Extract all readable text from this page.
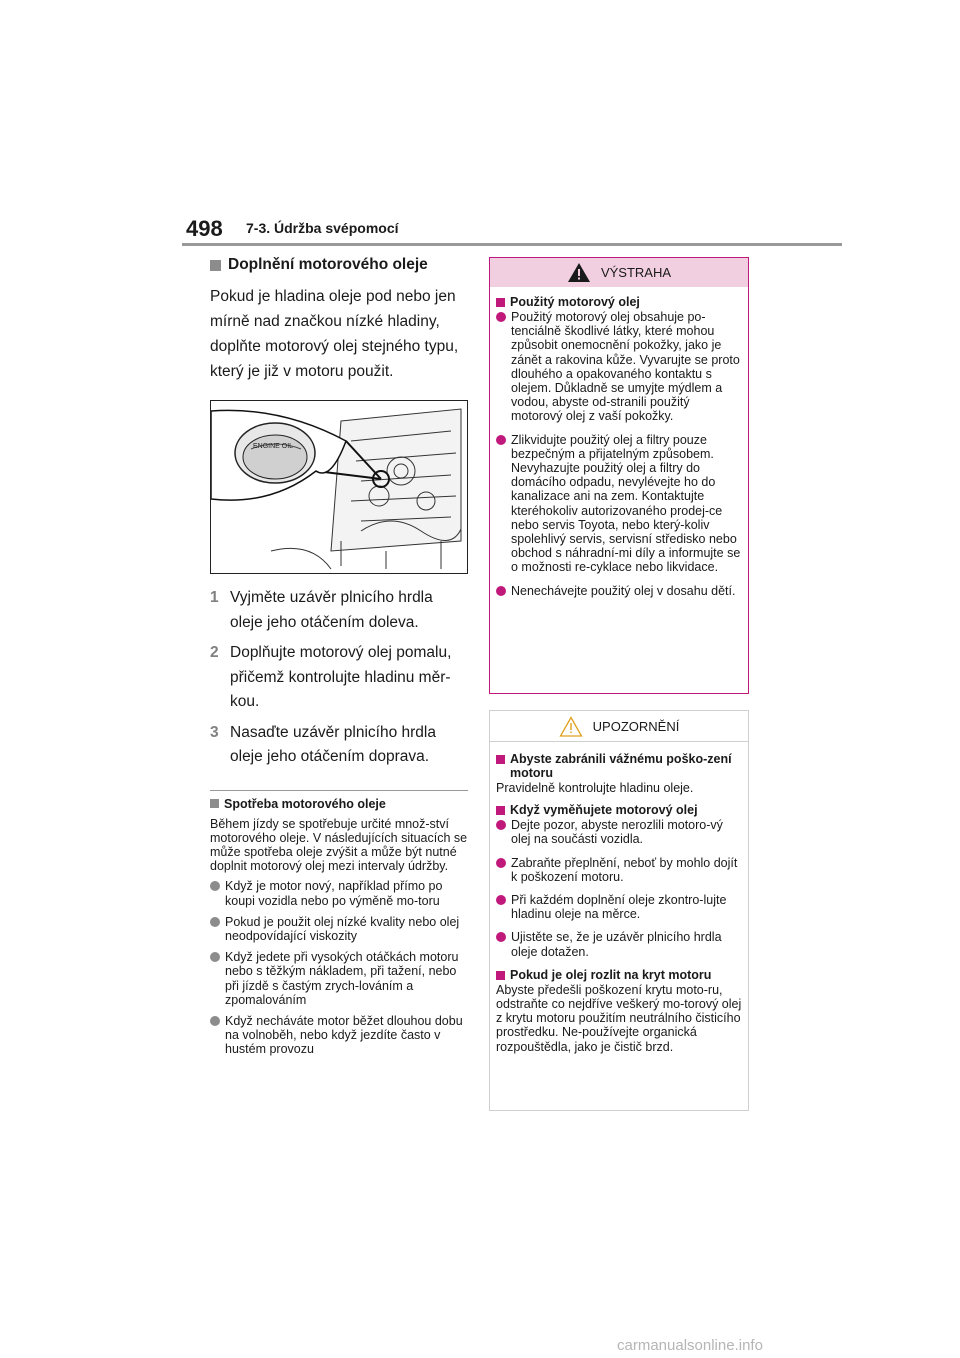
498 7-3. Údržba svépomocí
Doplnění motorového oleje

Pokud je hladina oleje pod nebo jen mírně nad značkou nízké hladiny, doplňte motorový olej stejného typu, který je již v motoru použit.

ENGINE OIL
1 Vyjměte uzávěr plnicího hrdla oleje jeho otáčením doleva.
2 Doplňujte motorový olej pomalu, přičemž kontrolujte hladinu měr-kou.
3 Nasaďte uzávěr plnicího hrdla oleje jeho otáčením doprava.
Spotřeba motorového oleje

Během jízdy se spotřebuje určité množ-ství motorového oleje. V následujících situacích se může spotřeba oleje zvýšit a může být nutné doplnit motorový olej mezi intervaly údržby.

Když je motor nový, například přímo po koupi vozidla nebo po výměně mo-toru
Pokud je použit olej nízké kvality nebo olej neodpovídající viskozity
Když jedete při vysokých otáčkách motoru nebo s těžkým nákladem, při tažení, nebo při jízdě s častým zrych-lováním a zpomalováním
Když necháváte motor běžet dlouhou dobu na volnoběh, nebo když jezdíte často v hustém provozu
VÝSTRAHA
Použitý motorový olej
Použitý motorový olej obsahuje po-tenciálně škodlivé látky, které mohou způsobit onemocnění pokožky, jako je zánět a rakovina kůže. Vyvarujte se proto dlouhého a opakovaného kontaktu s olejem. Důkladně se umyjte mýdlem a vodou, abyste od-stranili použitý motorový olej z vaší pokožky.
Zlikvidujte použitý olej a filtry pouze bezpečným a přijatelným způsobem. Nevyhazujte použitý olej a filtry do domácího odpadu, nevylévejte ho do kanalizace ani na zem. Kontaktujte kteréhokoliv autorizovaného prodej-ce nebo servis Toyota, nebo který-koliv spolehlivý servis, servisní středisko nebo obchod s náhradní-mi díly a informujte se o možnosti re-cyklace nebo likvidace.
Nenechávejte použitý olej v dosahu dětí.
UPOZORNĚNÍ
Abyste zabránili vážnému poško-zení motoru

Pravidelně kontrolujte hladinu oleje.

Když vyměňujete motorový olej
Dejte pozor, abyste nerozlili motoro-vý olej na součásti vozidla.
Zabraňte přeplnění, neboť by mohlo dojít k poškození motoru.
Při každém doplnění oleje zkontro-lujte hladinu oleje na měrce.
Ujistěte se, že je uzávěr plnicího hrdla oleje dotažen.
Pokud je olej rozlit na kryt motoru

Abyste předešli poškození krytu moto-ru, odstraňte co nejdříve veškerý mo-torový olej z krytu motoru použitím neutrálního čisticího prostředku. Ne-používejte organická rozpouštědla, jako je čistič brzd.

carmanualsonline.info
